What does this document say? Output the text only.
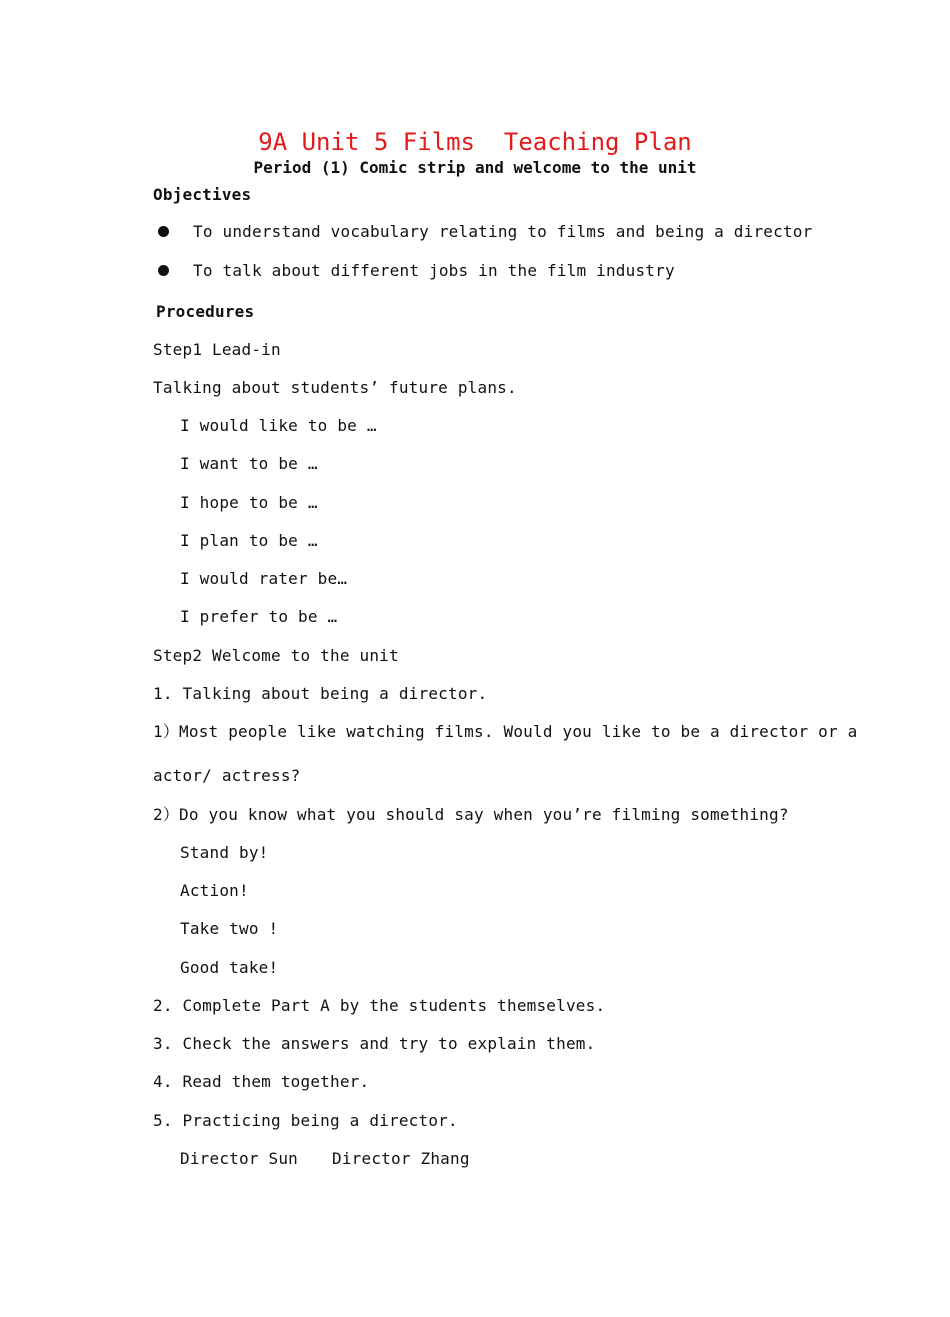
9A Unit 5 Films  Teaching Plan
Period (1) Comic strip and welcome to the unit
Objectives
To understand vocabulary relating to films and being a director
To talk about different jobs in the film industry
Procedures
Step1 Lead-in
Talking about students’ future plans.
I would like to be …
I want to be …
I hope to be …
I plan to be …
I would rater be…
I prefer to be …
Step2 Welcome to the unit
1. Talking about being a director.
1）Most people like watching films. Would you like to be a director or a
actor/ actress?
2）Do you know what you should say when you’re filming something?
Stand by!
Action!
Take two !
Good take!
2. Complete Part A by the students themselves.
3. Check the answers and try to explain them.
4. Read them together.
5. Practicing being a director.
Director Sun Director Zhang
